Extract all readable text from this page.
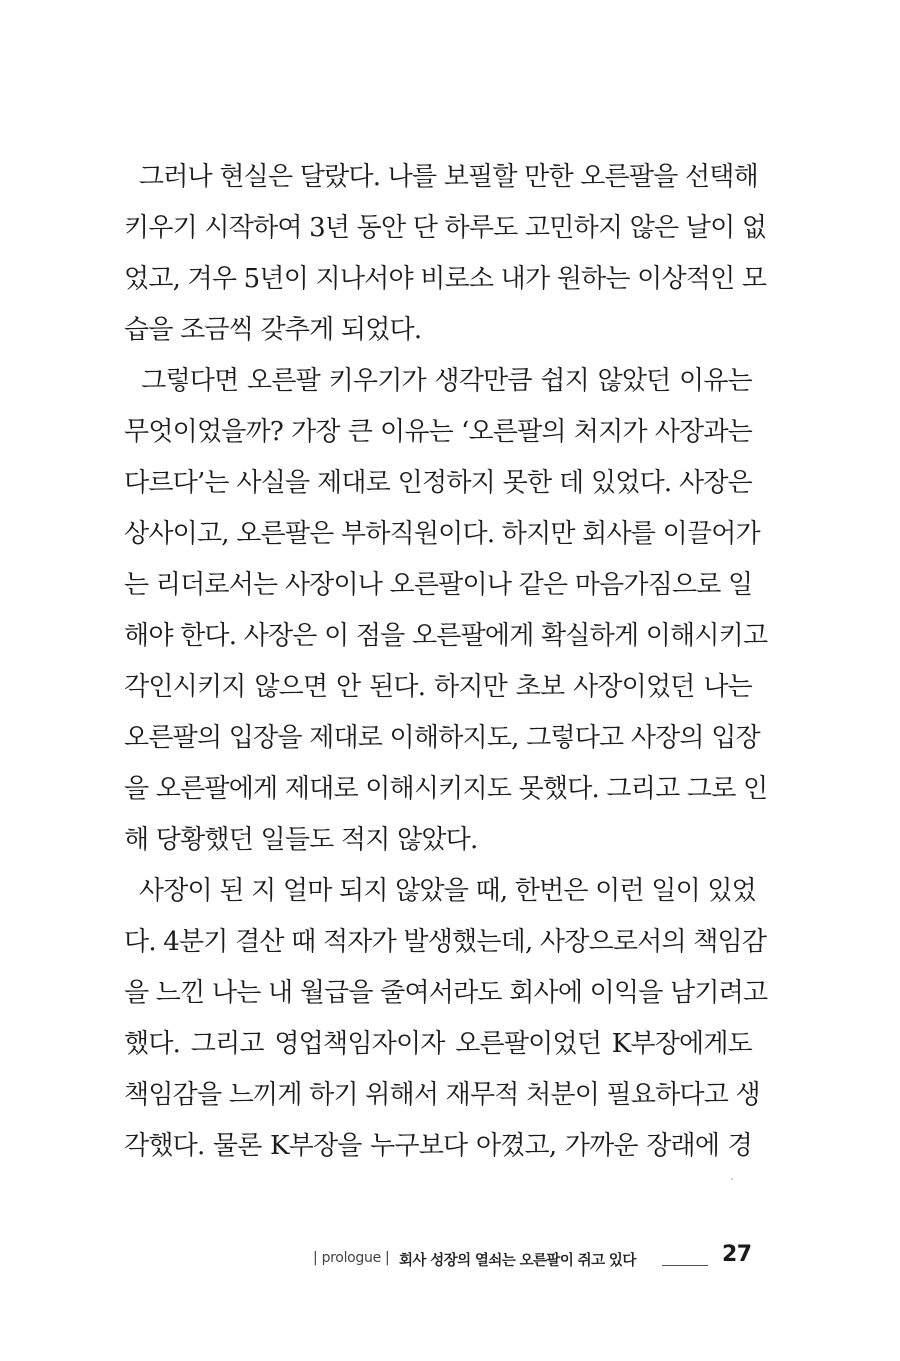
그러나 현실은 달랐다. 나를 보필할 만한 오른팔을 선택해
키우기 시작하여 3년 동안 단 하루도 고민하지 않은 날이 없
었고, 겨우 5년이 지나서야 비로소 내가 원하는 이상적인 모
습을 조금씩 갖추게 되었다.
그렇다면 오른팔 키우기가 생각만큼 쉽지 않았던 이유는
무엇이었을까? 가장 큰 이유는 ‘오른팔의 처지가 사장과는
다르다’는 사실을 제대로 인정하지 못한 데 있었다. 사장은
상사이고, 오른팔은 부하직원이다. 하지만 회사를 이끌어가
는 리더로서는 사장이나 오른팔이나 같은 마음가짐으로 일
해야 한다. 사장은 이 점을 오른팔에게 확실하게 이해시키고
각인시키지 않으면 안 된다. 하지만 초보 사장이었던 나는
오른팔의 입장을 제대로 이해하지도, 그렇다고 사장의 입장
을 오른팔에게 제대로 이해시키지도 못했다. 그리고 그로 인
해 당황했던 일들도 적지 않았다.
사장이 된 지 얼마 되지 않았을 때, 한번은 이런 일이 있었
다. 4분기 결산 때 적자가 발생했는데, 사장으로서의 책임감
을 느낀 나는 내 월급을 줄여서라도 회사에 이익을 남기려고
했다. 그리고 영업책임자이자 오른팔이었던 K부장에게도
책임감을 느끼게 하기 위해서 재무적 처분이 필요하다고 생
각했다. 물론 K부장을 누구보다 아꼈고, 가까운 장래에 경
| prologue | 회사 성장의 열쇠는 오른팔이 쥐고 있다	27
